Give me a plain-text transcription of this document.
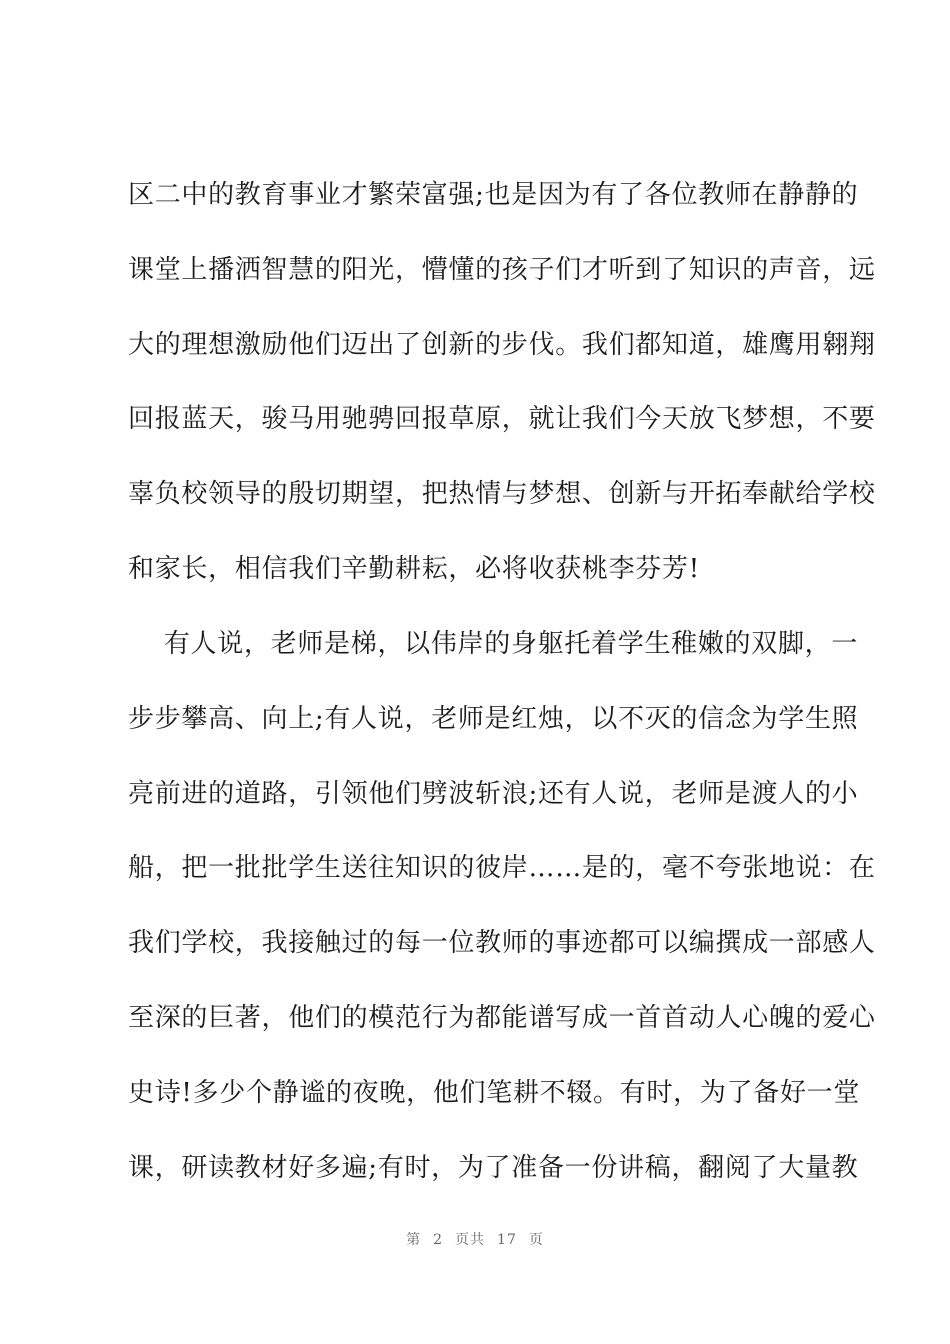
区二中的教育事业才繁荣富强;也是因为有了各位教师在静静的
课堂上播洒智慧的阳光，懵懂的孩子们才听到了知识的声音，远
大的理想激励他们迈出了创新的步伐。我们都知道，雄鹰用翱翔
回报蓝天，骏马用驰骋回报草原，就让我们今天放飞梦想，不要
辜负校领导的殷切期望，把热情与梦想、创新与开拓奉献给学校
和家长，相信我们辛勤耕耘，必将收获桃李芬芳!
有人说，老师是梯，以伟岸的身躯托着学生稚嫩的双脚，一
步步攀高、向上;有人说，老师是红烛，以不灭的信念为学生照
亮前进的道路，引领他们劈波斩浪;还有人说，老师是渡人的小
船，把一批批学生送往知识的彼岸……是的，毫不夸张地说：在
我们学校，我接触过的每一位教师的事迹都可以编撰成一部感人
至深的巨著，他们的模范行为都能谱写成一首首动人心魄的爱心
史诗!多少个静谧的夜晚，他们笔耕不辍。有时，为了备好一堂
课，研读教材好多遍;有时，为了准备一份讲稿，翻阅了大量教
第 2 页共 17 页
